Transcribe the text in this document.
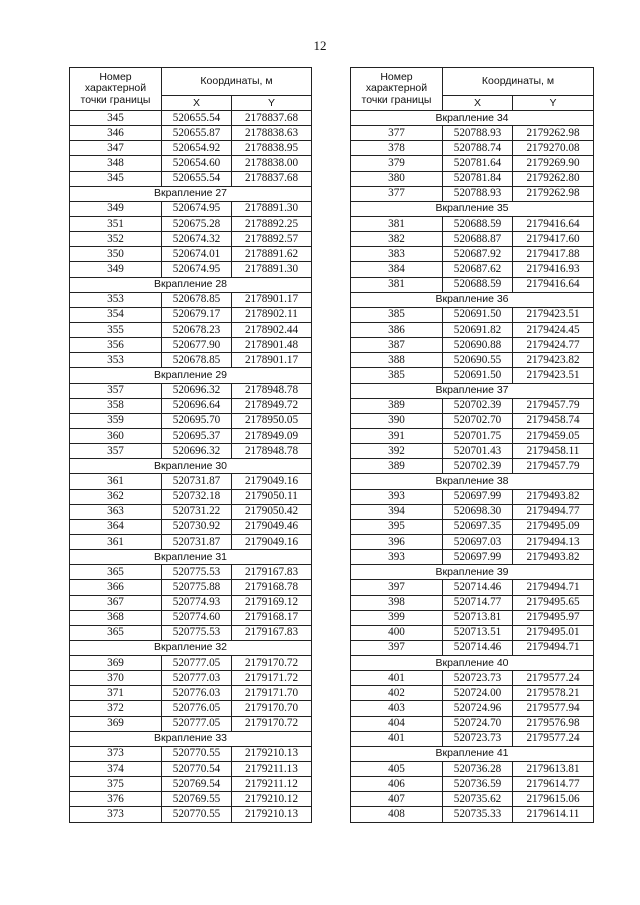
12
Номер
характерной
точки границы	Координаты, м	
	X	Y
345	520655.54	2178837.68
346	520655.87	2178838.63
347	520654.92	2178838.95
348	520654.60	2178838.00
345	520655.54	2178837.68
Вкрапление 27		
349	520674.95	2178891.30
351	520675.28	2178892.25
352	520674.32	2178892.57
350	520674.01	2178891.62
349	520674.95	2178891.30
Вкрапление 28		
353	520678.85	2178901.17
354	520679.17	2178902.11
355	520678.23	2178902.44
356	520677.90	2178901.48
353	520678.85	2178901.17
Вкрапление 29		
357	520696.32	2178948.78
358	520696.64	2178949.72
359	520695.70	2178950.05
360	520695.37	2178949.09
357	520696.32	2178948.78
Вкрапление 30		
361	520731.87	2179049.16
362	520732.18	2179050.11
363	520731.22	2179050.42
364	520730.92	2179049.46
361	520731.87	2179049.16
Вкрапление 31		
365	520775.53	2179167.83
366	520775.88	2179168.78
367	520774.93	2179169.12
368	520774.60	2179168.17
365	520775.53	2179167.83
Вкрапление 32		
369	520777.05	2179170.72
370	520777.03	2179171.72
371	520776.03	2179171.70
372	520776.05	2179170.70
369	520777.05	2179170.72
Вкрапление 33		
373	520770.55	2179210.13
374	520770.54	2179211.13
375	520769.54	2179211.12
376	520769.55	2179210.12
373	520770.55	2179210.13
Номер
характерной
точки границы	Координаты, м	
	X	Y
Вкрапление 34		
377	520788.93	2179262.98
378	520788.74	2179270.08
379	520781.64	2179269.90
380	520781.84	2179262.80
377	520788.93	2179262.98
Вкрапление 35		
381	520688.59	2179416.64
382	520688.87	2179417.60
383	520687.92	2179417.88
384	520687.62	2179416.93
381	520688.59	2179416.64
Вкрапление 36		
385	520691.50	2179423.51
386	520691.82	2179424.45
387	520690.88	2179424.77
388	520690.55	2179423.82
385	520691.50	2179423.51
Вкрапление 37		
389	520702.39	2179457.79
390	520702.70	2179458.74
391	520701.75	2179459.05
392	520701.43	2179458.11
389	520702.39	2179457.79
Вкрапление 38		
393	520697.99	2179493.82
394	520698.30	2179494.77
395	520697.35	2179495.09
396	520697.03	2179494.13
393	520697.99	2179493.82
Вкрапление 39		
397	520714.46	2179494.71
398	520714.77	2179495.65
399	520713.81	2179495.97
400	520713.51	2179495.01
397	520714.46	2179494.71
Вкрапление 40		
401	520723.73	2179577.24
402	520724.00	2179578.21
403	520724.96	2179577.94
404	520724.70	2179576.98
401	520723.73	2179577.24
Вкрапление 41		
405	520736.28	2179613.81
406	520736.59	2179614.77
407	520735.62	2179615.06
408	520735.33	2179614.11
